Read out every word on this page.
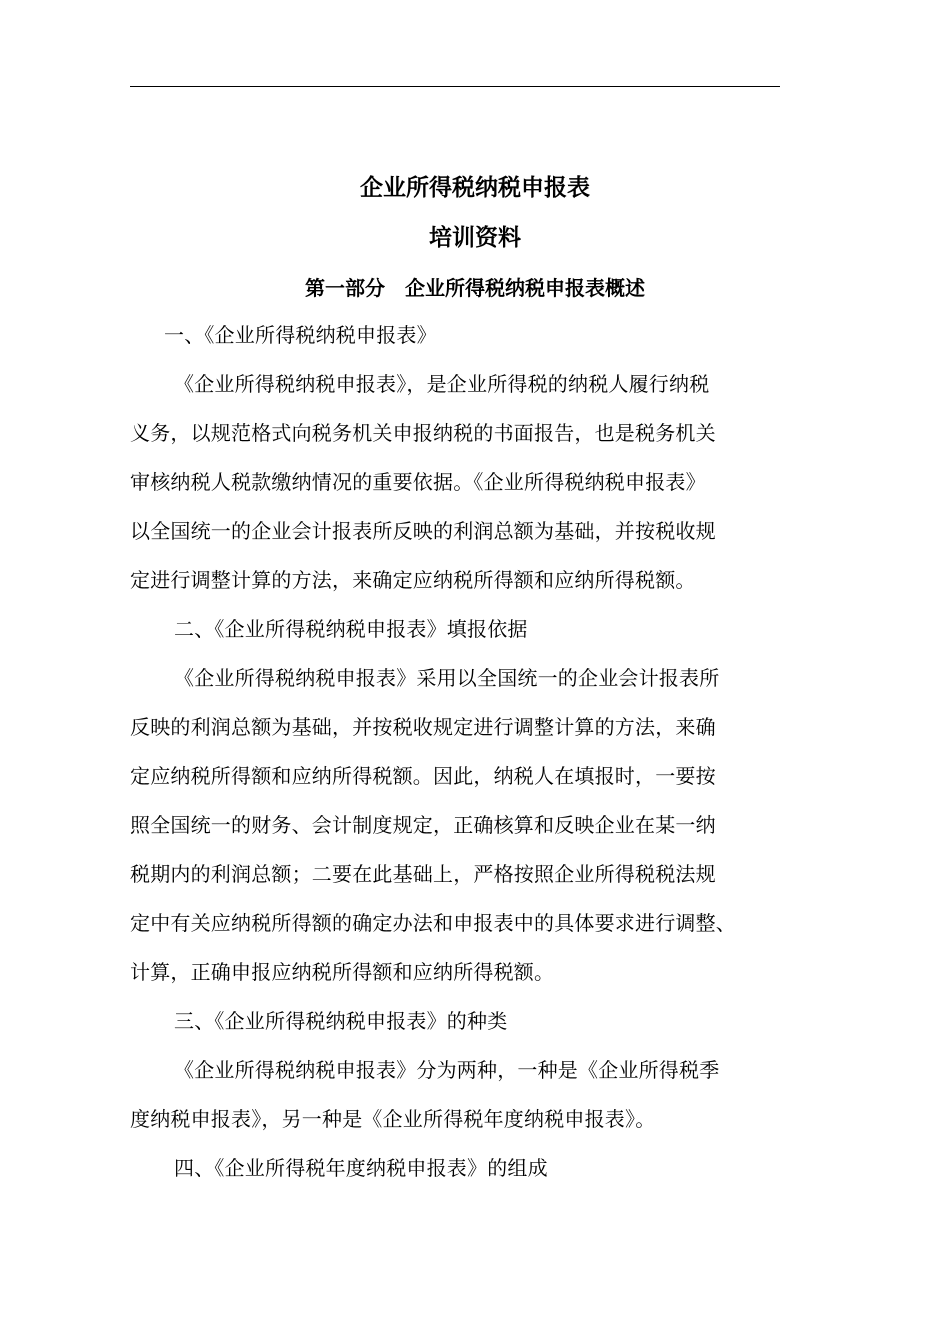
企业所得税纳税申报表
培训资料
第一部分　企业所得税纳税申报表概述
一、《企业所得税纳税申报表》
《企业所得税纳税申报表》，是企业所得税的纳税人履行纳税
义务，以规范格式向税务机关申报纳税的书面报告，也是税务机关
审核纳税人税款缴纳情况的重要依据。《企业所得税纳税申报表》
以全国统一的企业会计报表所反映的利润总额为基础，并按税收规
定进行调整计算的方法，来确定应纳税所得额和应纳所得税额。
二、《企业所得税纳税申报表》填报依据
《企业所得税纳税申报表》采用以全国统一的企业会计报表所
反映的利润总额为基础，并按税收规定进行调整计算的方法，来确
定应纳税所得额和应纳所得税额。因此，纳税人在填报时，一要按
照全国统一的财务、会计制度规定，正确核算和反映企业在某一纳
税期内的利润总额；二要在此基础上，严格按照企业所得税税法规
定中有关应纳税所得额的确定办法和申报表中的具体要求进行调整、
计算，正确申报应纳税所得额和应纳所得税额。
三、《企业所得税纳税申报表》的种类
《企业所得税纳税申报表》分为两种，一种是《企业所得税季
度纳税申报表》，另一种是《企业所得税年度纳税申报表》。
四、《企业所得税年度纳税申报表》的组成
